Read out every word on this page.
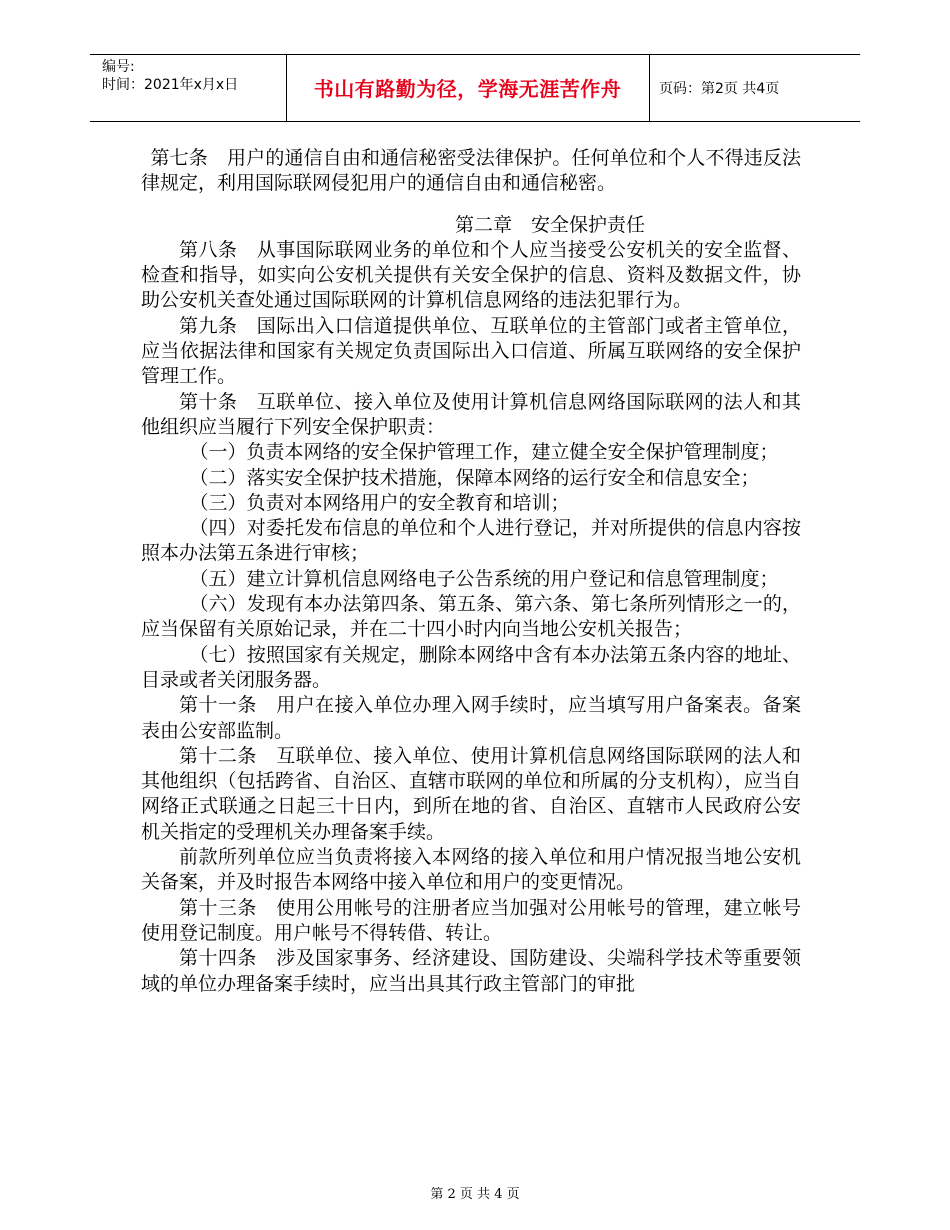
编号:
时间：2021年x月x日	书山有路勤为径，学海无涯苦作舟	页码：第2页 共4页

第七条　用户的通信自由和通信秘密受法律保护。任何单位和个人不得违反法律规定，利用国际联网侵犯用户的通信自由和通信秘密。

第二章　安全保护责任

第八条　从事国际联网业务的单位和个人应当接受公安机关的安全监督、检查和指导，如实向公安机关提供有关安全保护的信息、资料及数据文件，协助公安机关查处通过国际联网的计算机信息网络的违法犯罪行为。

第九条　国际出入口信道提供单位、互联单位的主管部门或者主管单位，应当依据法律和国家有关规定负责国际出入口信道、所属互联网络的安全保护管理工作。

第十条　互联单位、接入单位及使用计算机信息网络国际联网的法人和其他组织应当履行下列安全保护职责：

（一）负责本网络的安全保护管理工作，建立健全安全保护管理制度；

（二）落实安全保护技术措施，保障本网络的运行安全和信息安全；

（三）负责对本网络用户的安全教育和培训；

（四）对委托发布信息的单位和个人进行登记，并对所提供的信息内容按照本办法第五条进行审核；

（五）建立计算机信息网络电子公告系统的用户登记和信息管理制度；

（六）发现有本办法第四条、第五条、第六条、第七条所列情形之一的，应当保留有关原始记录，并在二十四小时内向当地公安机关报告；

（七）按照国家有关规定，删除本网络中含有本办法第五条内容的地址、目录或者关闭服务器。

第十一条　用户在接入单位办理入网手续时，应当填写用户备案表。备案表由公安部监制。

第十二条　互联单位、接入单位、使用计算机信息网络国际联网的法人和其他组织（包括跨省、自治区、直辖市联网的单位和所属的分支机构），应当自网络正式联通之日起三十日内，到所在地的省、自治区、直辖市人民政府公安机关指定的受理机关办理备案手续。

前款所列单位应当负责将接入本网络的接入单位和用户情况报当地公安机关备案，并及时报告本网络中接入单位和用户的变更情况。

第十三条　使用公用帐号的注册者应当加强对公用帐号的管理，建立帐号使用登记制度。用户帐号不得转借、转让。

第十四条　涉及国家事务、经济建设、国防建设、尖端科学技术等重要领域的单位办理备案手续时，应当出具其行政主管部门的审批

第 2 页 共 4 页
